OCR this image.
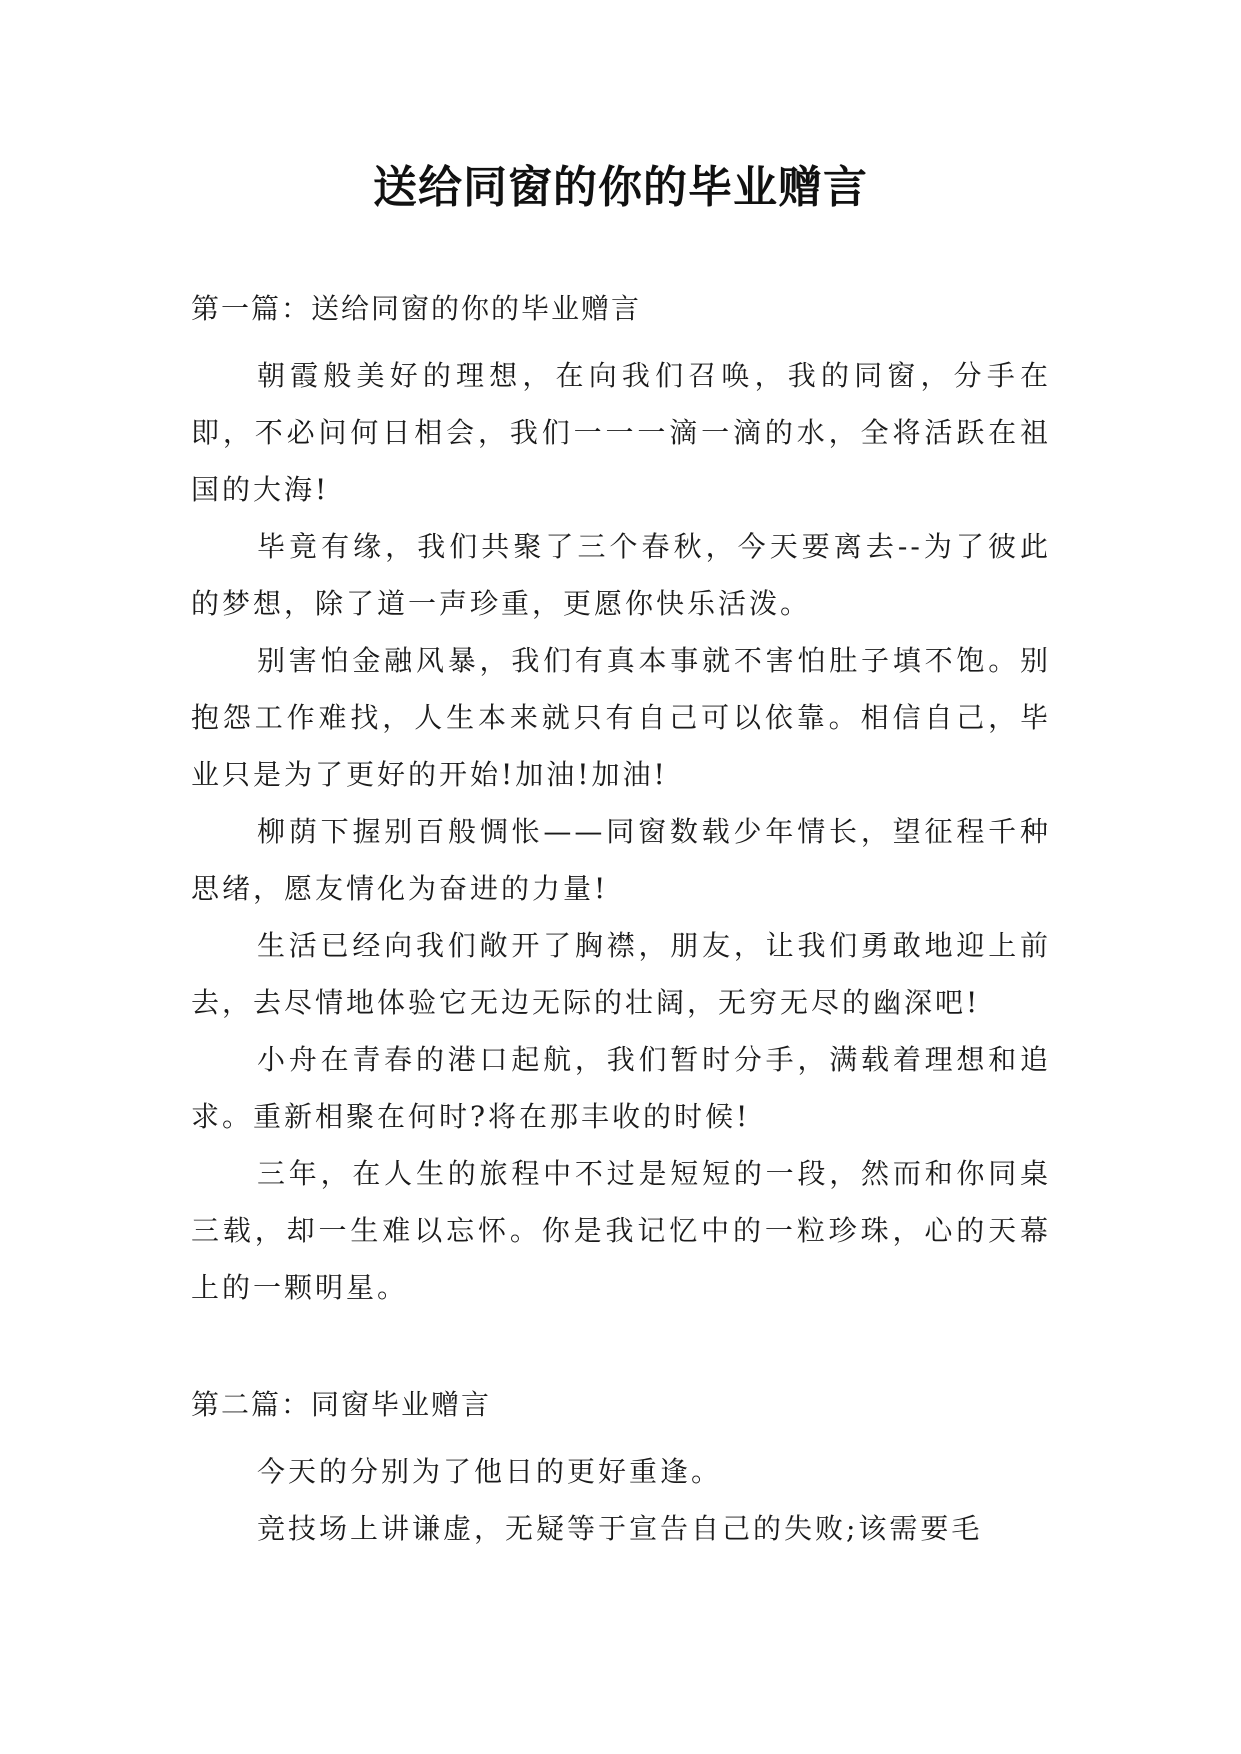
送给同窗的你的毕业赠言

第一篇：送给同窗的你的毕业赠言

朝霞般美好的理想，在向我们召唤，我的同窗，分手在即，不必问何日相会，我们一一一滴一滴的水，全将活跃在祖国的大海!

毕竟有缘，我们共聚了三个春秋，今天要离去--为了彼此的梦想，除了道一声珍重，更愿你快乐活泼。

别害怕金融风暴，我们有真本事就不害怕肚子填不饱。别抱怨工作难找，人生本来就只有自己可以依靠。相信自己，毕业只是为了更好的开始!加油!加油!

柳荫下握别百般惆怅——同窗数载少年情长，望征程千种思绪，愿友情化为奋进的力量!

生活已经向我们敞开了胸襟，朋友，让我们勇敢地迎上前去，去尽情地体验它无边无际的壮阔，无穷无尽的幽深吧!

小舟在青春的港口起航，我们暂时分手，满载着理想和追求。重新相聚在何时?将在那丰收的时候!

三年，在人生的旅程中不过是短短的一段，然而和你同桌三载，却一生难以忘怀。你是我记忆中的一粒珍珠，心的天幕上的一颗明星。

第二篇：同窗毕业赠言

今天的分别为了他日的更好重逢。

竞技场上讲谦虚，无疑等于宣告自己的失败;该需要毛
